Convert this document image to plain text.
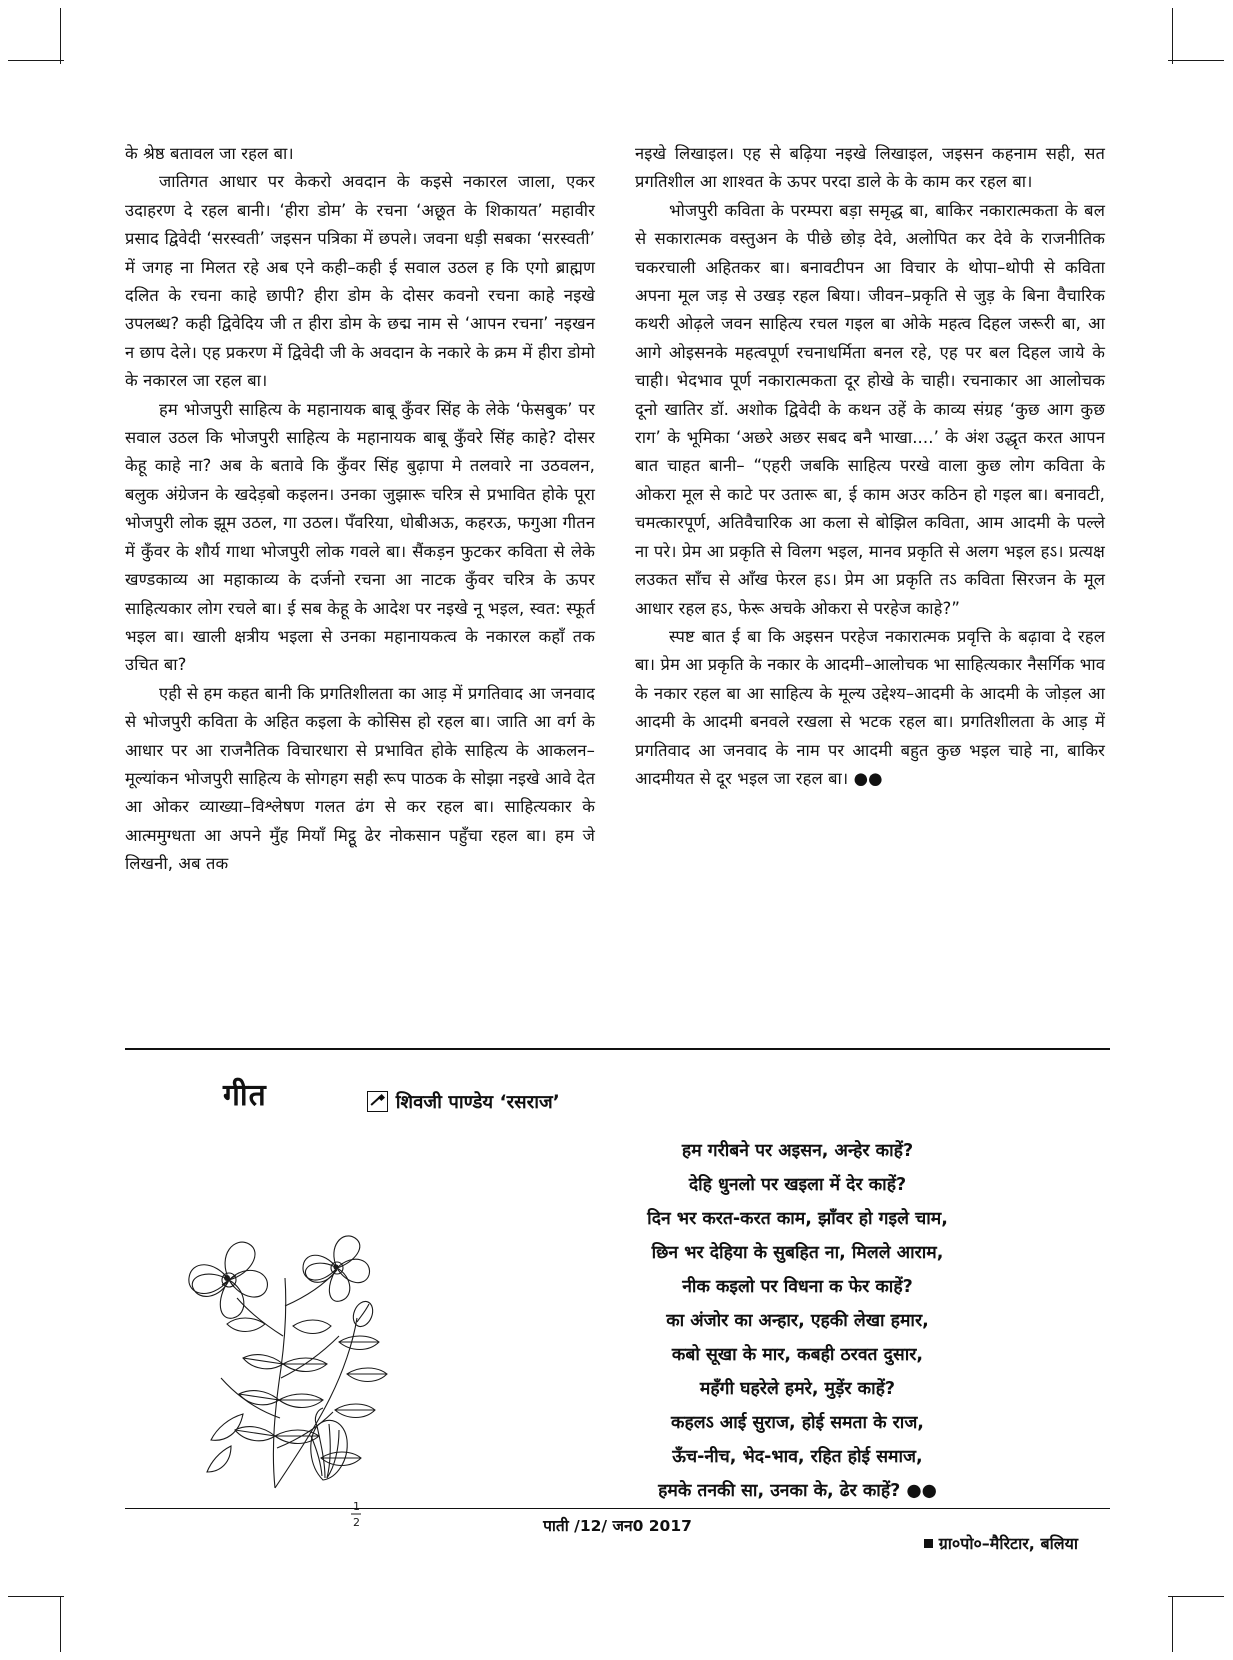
के श्रेष्ठ बतावल जा रहल बा।

जातिगत आधार पर केकरो अवदान के कइसे नकारल जाला, एकर उदाहरण दे रहल बानी। ‘हीरा डोम’ के रचना ‘अछूत के शिकायत’ महावीर प्रसाद द्विवेदी ‘सरस्वती’ जइसन पत्रिका में छपले। जवना धड़ी सबका ‘सरस्वती’ में जगह ना मिलत रहे अब एने कही–कही ई सवाल उठल ह कि एगो ब्राह्मण दलित के रचना काहे छापी? हीरा डोम के दोसर कवनो रचना काहे नइखे उपलब्ध? कही द्विवेदिय जी त हीरा डोम के छद्म नाम से ‘आपन रचना’ नइखन न छाप देले। एह प्रकरण में द्विवेदी जी के अवदान के नकारे के क्रम में हीरा डोमो के नकारल जा रहल बा।

हम भोजपुरी साहित्य के महानायक बाबू कुँवर सिंह के लेके ‘फेसबुक’ पर सवाल उठल कि भोजपुरी साहित्य के महानायक बाबू कुँवरे सिंह काहे? दोसर केहू काहे ना? अब के बतावे कि कुँवर सिंह बुढ़ापा मे तलवारे ना उठवलन, बलुक अंग्रेजन के खदेड़बो कइलन। उनका जुझारू चरित्र से प्रभावित होके पूरा भोजपुरी लोक झूम उठल, गा उठल। पॅंवरिया, धोबीअऊ, कहरऊ, फगुआ गीतन में कुँवर के शौर्य गाथा भोजपुरी लोक गवले बा। सैंकड़न फुटकर कविता से लेके खण्डकाव्य आ महाकाव्य के दर्जनो रचना आ नाटक कुँवर चरित्र के ऊपर साहित्यकार लोग रचले बा। ई सब केहू के आदेश पर नइखे नू भइल, स्वत: स्फूर्त भइल बा। खाली क्षत्रीय भइला से उनका महानायकत्व के नकारल कहाँ तक उचित बा?

एही से हम कहत बानी कि प्रगतिशीलता का आड़ में प्रगतिवाद आ जनवाद से भोजपुरी कविता के अहित कइला के कोसिस हो रहल बा। जाति आ वर्ग के आधार पर आ राजनैतिक विचारधारा से प्रभावित होके साहित्य के आकलन–मूल्यांकन भोजपुरी साहित्य के सोगहग सही रूप पाठक के सोझा नइखे आवे देत आ ओकर व्याख्या–विश्लेषण गलत ढंग से कर रहल बा। साहित्यकार के आत्ममुग्धता आ अपने मुँह मियाँ मिट्ठू ढेर नोकसान पहुँचा रहल बा। हम जे लिखनी, अब तक

नइखे लिखाइल। एह से बढ़िया नइखे लिखाइल, जइसन कहनाम सही, सत प्रगतिशील आ शाश्वत के ऊपर परदा डाले के के काम कर रहल बा।

भोजपुरी कविता के परम्परा बड़ा समृद्ध बा, बाकिर नकारात्मकता के बल से सकारात्मक वस्तुअन के पीछे छोड़ देवे, अलोपित कर देवे के राजनीतिक चकरचाली अहितकर बा। बनावटीपन आ विचार के थोपा–थोपी से कविता अपना मूल जड़ से उखड़ रहल बिया। जीवन–प्रकृति से जुड़ के बिना वैचारिक कथरी ओढ़ले जवन साहित्य रचल गइल बा ओके महत्व दिहल जरूरी बा, आ आगे ओइसनके महत्वपूर्ण रचनाधर्मिता बनल रहे, एह पर बल दिहल जाये के चाही। भेदभाव पूर्ण नकारात्मकता दूर होखे के चाही। रचनाकार आ आलोचक दूनो खातिर डॉ. अशोक द्विवेदी के कथन उहें के काव्य संग्रह ‘कुछ आग कुछ राग’ के भूमिका ‘अछरे अछर सबद बनै भाखा....’ के अंश उद्धृत करत आपन बात चाहत बानी– “एहरी जबकि साहित्य परखे वाला कुछ लोग कविता के ओकरा मूल से काटे पर उतारू बा, ई काम अउर कठिन हो गइल बा। बनावटी, चमत्कारपूर्ण, अतिवैचारिक आ कला से बोझिल कविता, आम आदमी के पल्ले ना परे। प्रेम आ प्रकृति से विलग भइल, मानव प्रकृति से अलग भइल हऽ। प्रत्यक्ष लउकत साँच से आँख फेरल हऽ। प्रेम आ प्रकृति तऽ कविता सिरजन के मूल आधार रहल हऽ, फेरू अचके ओकरा से परहेज काहे?”

स्पष्ट बात ई बा कि अइसन परहेज नकारात्मक प्रवृत्ति के बढ़ावा दे रहल बा। प्रेम आ प्रकृति के नकार के आदमी–आलोचक भा साहित्यकार नैसर्गिक भाव के नकार रहल बा आ साहित्य के मूल्य उद्देश्य–आदमी के आदमी के जोड़ल आ आदमी के आदमी बनवले रखला से भटक रहल बा। प्रगतिशीलता के आड़ में प्रगतिवाद आ जनवाद के नाम पर आदमी बहुत कुछ भइल चाहे ना, बाकिर आदमीयत से दूर भइल जा रहल बा। ●●

गीत	शिवजी पाण्डेय ‘रसराज’
1
2
हम गरीबने पर अइसन, अन्हेर काहें?
देहि धुनलो पर खइला में देर काहें?
दिन भर करत-करत काम, झाँवर हो गइले चाम,
छिन भर देहिया के सुबहित ना, मिलले आराम,
नीक कइलो पर विधना क फेर काहें?
का अंजोर का अन्हार, एहकी लेखा हमार,
कबो सूखा के मार, कबही ठरवत दुसार,
महँगी घहरेले हमरे, मुड़ेंर काहें?
कहलऽ आई सुराज, होई समता के राज,
ऊँच-नीच, भेद-भाव, रहित होई समाज,
हमके तनकी सा, उनका के, ढेर काहें? ●●
ग्रा०पो०–मैरिटार, बलिया
पाती /12/ जन0 2017
